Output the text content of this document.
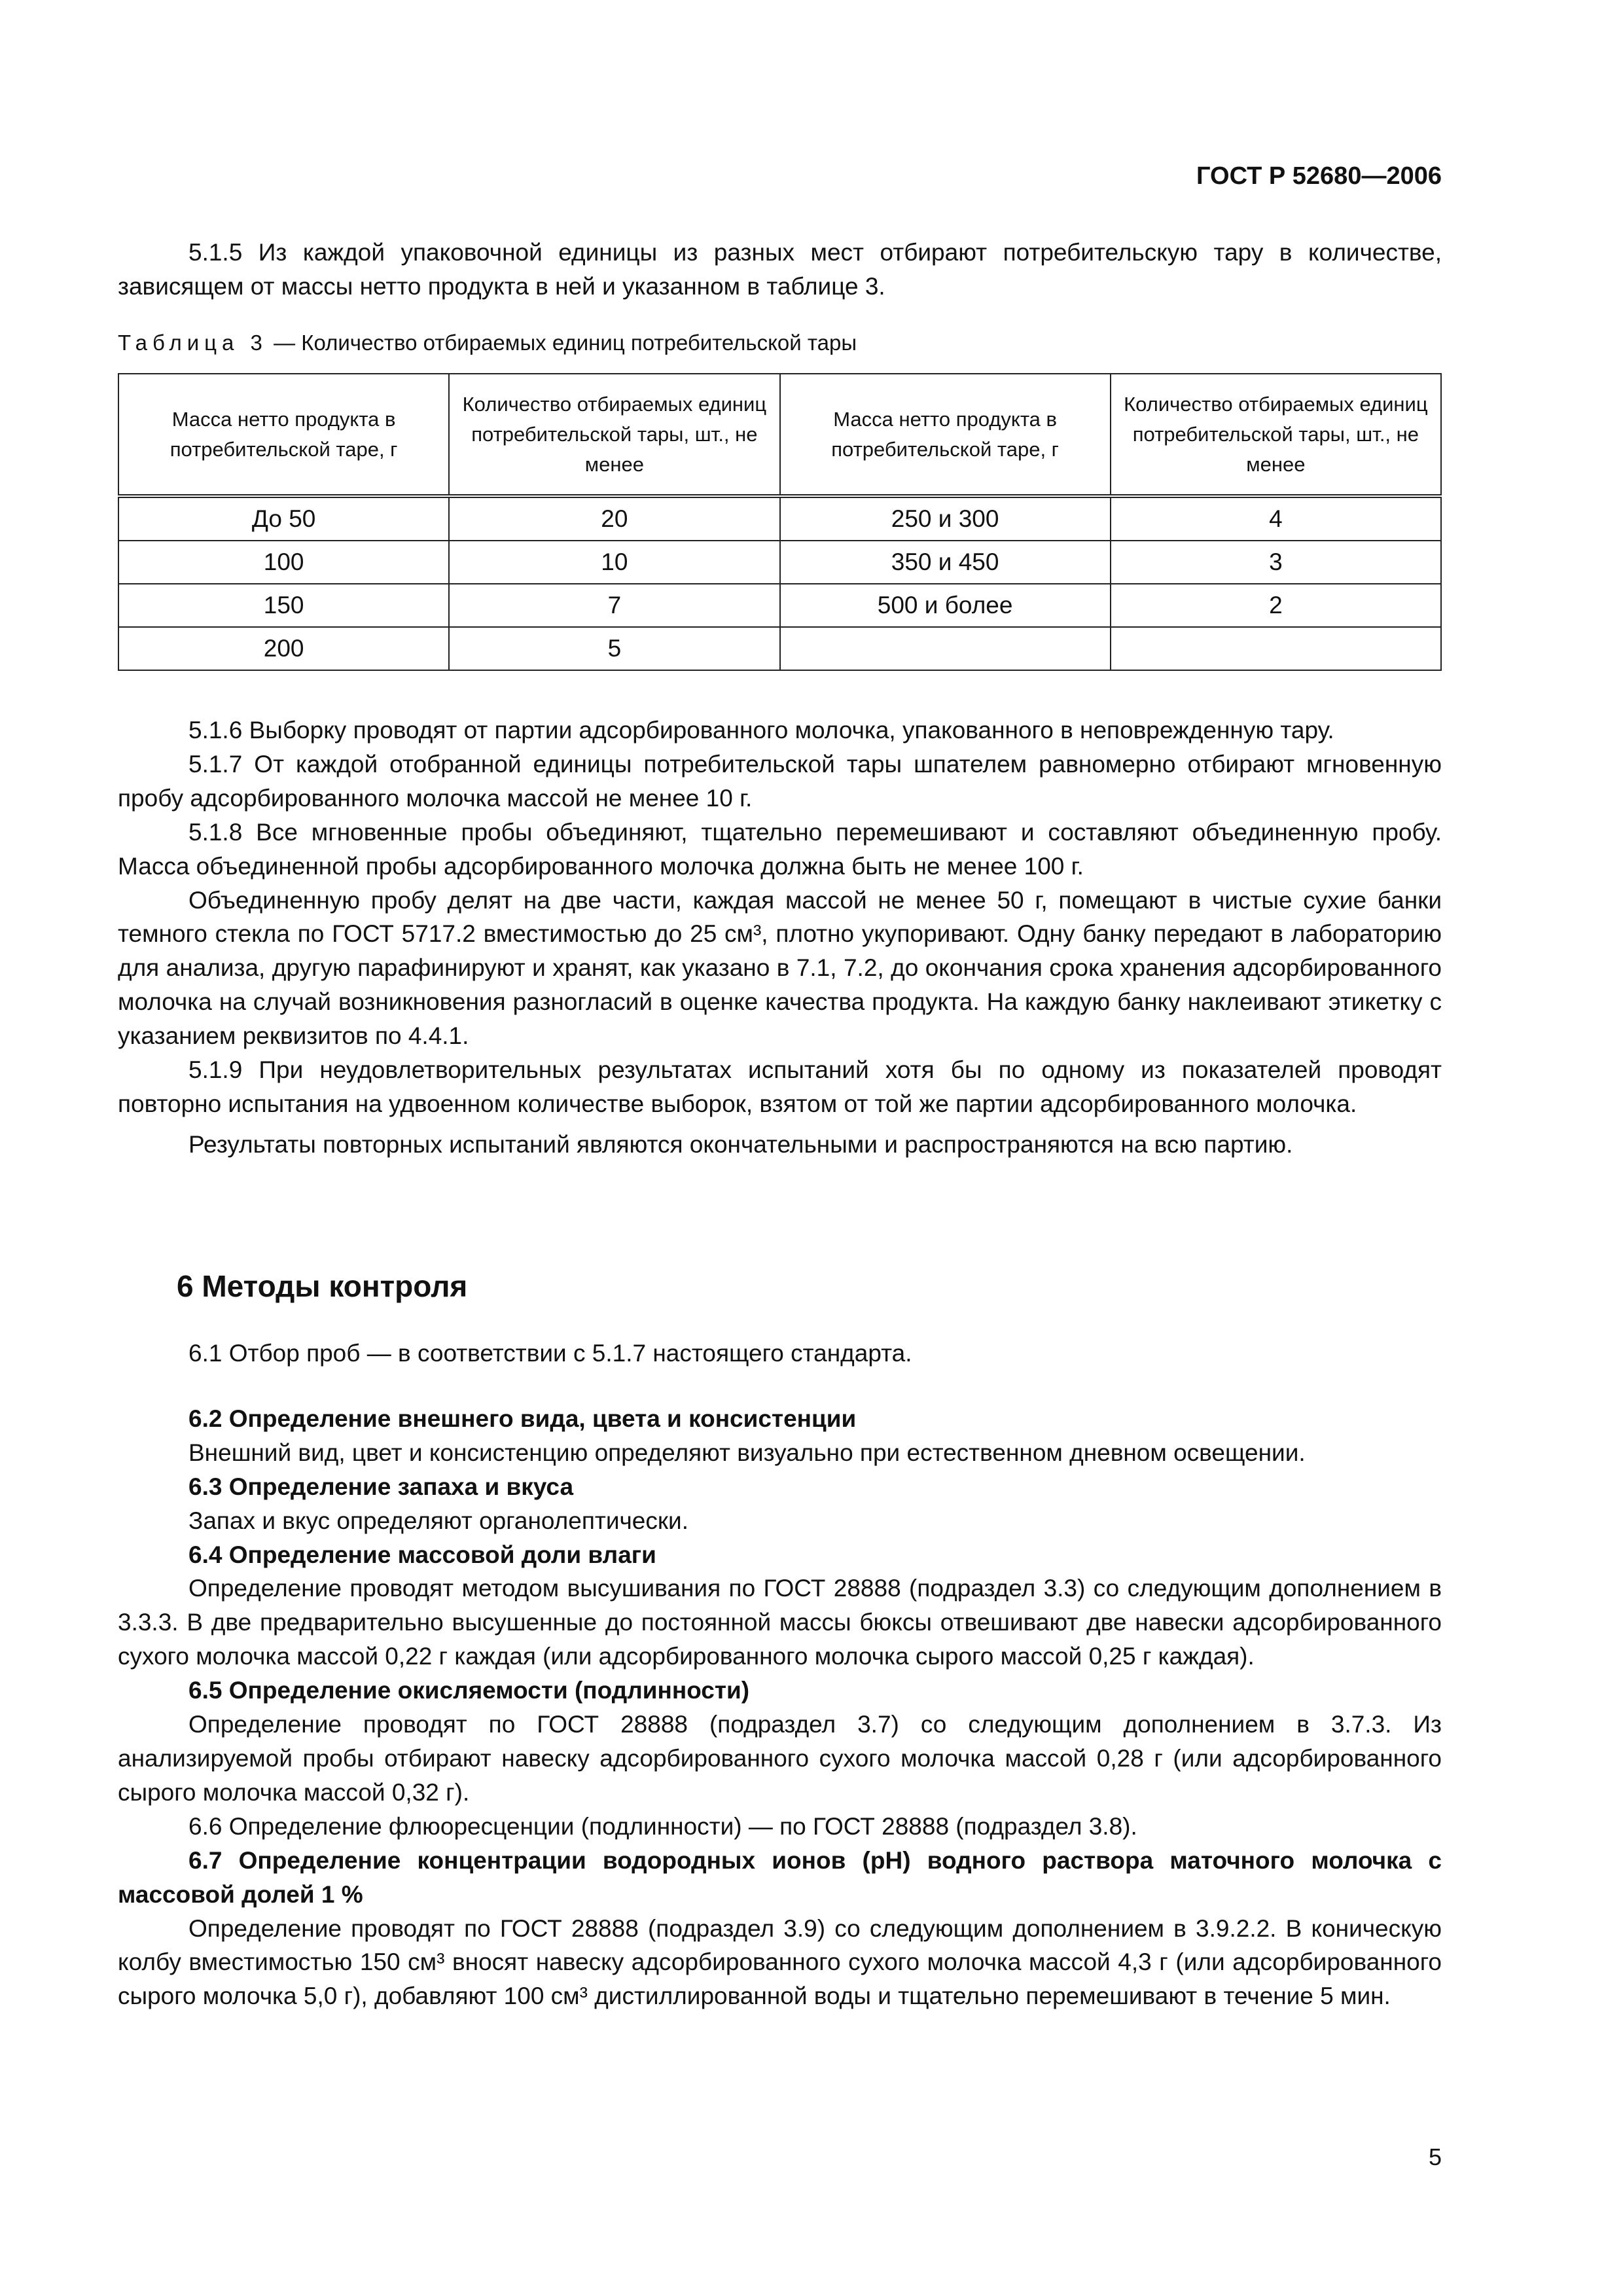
ГОСТ Р 52680—2006

5.1.5 Из каждой упаковочной единицы из разных мест отбирают потребительскую тару в количестве, зависящем от массы нетто продукта в ней и указанном в таблице 3.

Таблица 3 — Количество отбираемых единиц потребительской тары
Масса нетто продукта в потребительской таре, г	Количество отбираемых единиц потребительской тары, шт., не менее	Масса нетто продукта в потребительской таре, г	Количество отбираемых единиц потребительской тары, шт., не менее
До 50	20	250 и 300	4
100	10	350 и 450	3
150	7	500 и более	2
200	5		

5.1.6 Выборку проводят от партии адсорбированного молочка, упакованного в неповрежденную тару.

5.1.7 От каждой отобранной единицы потребительской тары шпателем равномерно отбирают мгновенную пробу адсорбированного молочка массой не менее 10 г.

5.1.8 Все мгновенные пробы объединяют, тщательно перемешивают и составляют объединенную пробу. Масса объединенной пробы адсорбированного молочка должна быть не менее 100 г.

Объединенную пробу делят на две части, каждая массой не менее 50 г, помещают в чистые сухие банки темного стекла по ГОСТ 5717.2 вместимостью до 25 см³, плотно укупоривают. Одну банку передают в лабораторию для анализа, другую парафинируют и хранят, как указано в 7.1, 7.2, до окончания срока хранения адсорбированного молочка на случай возникновения разногласий в оценке качества продукта. На каждую банку наклеивают этикетку с указанием реквизитов по 4.4.1.

5.1.9 При неудовлетворительных результатах испытаний хотя бы по одному из показателей проводят повторно испытания на удвоенном количестве выборок, взятом от той же партии адсорбированного молочка.

Результаты повторных испытаний являются окончательными и распространяются на всю партию.

6 Методы контроля

6.1 Отбор проб — в соответствии с 5.1.7 настоящего стандарта.

6.2 Определение внешнего вида, цвета и консистенции

Внешний вид, цвет и консистенцию определяют визуально при естественном дневном освещении.

6.3 Определение запаха и вкуса

Запах и вкус определяют органолептически.

6.4 Определение массовой доли влаги

Определение проводят методом высушивания по ГОСТ 28888 (подраздел 3.3) со следующим дополнением в 3.3.3. В две предварительно высушенные до постоянной массы бюксы отвешивают две навески адсорбированного сухого молочка массой 0,22 г каждая (или адсорбированного молочка сырого массой 0,25 г каждая).

6.5 Определение окисляемости (подлинности)

Определение проводят по ГОСТ 28888 (подраздел 3.7) со следующим дополнением в 3.7.3. Из анализируемой пробы отбирают навеску адсорбированного сухого молочка массой 0,28 г (или адсорбированного сырого молочка массой 0,32 г).

6.6 Определение флюоресценции (подлинности) — по ГОСТ 28888 (подраздел 3.8).

6.7 Определение концентрации водородных ионов (pH) водного раствора маточного молочка с массовой долей 1 %

Определение проводят по ГОСТ 28888 (подраздел 3.9) со следующим дополнением в 3.9.2.2. В коническую колбу вместимостью 150 см³ вносят навеску адсорбированного сухого молочка массой 4,3 г (или адсорбированного сырого молочка 5,0 г), добавляют 100 см³ дистиллированной воды и тщательно перемешивают в течение 5 мин.

5
